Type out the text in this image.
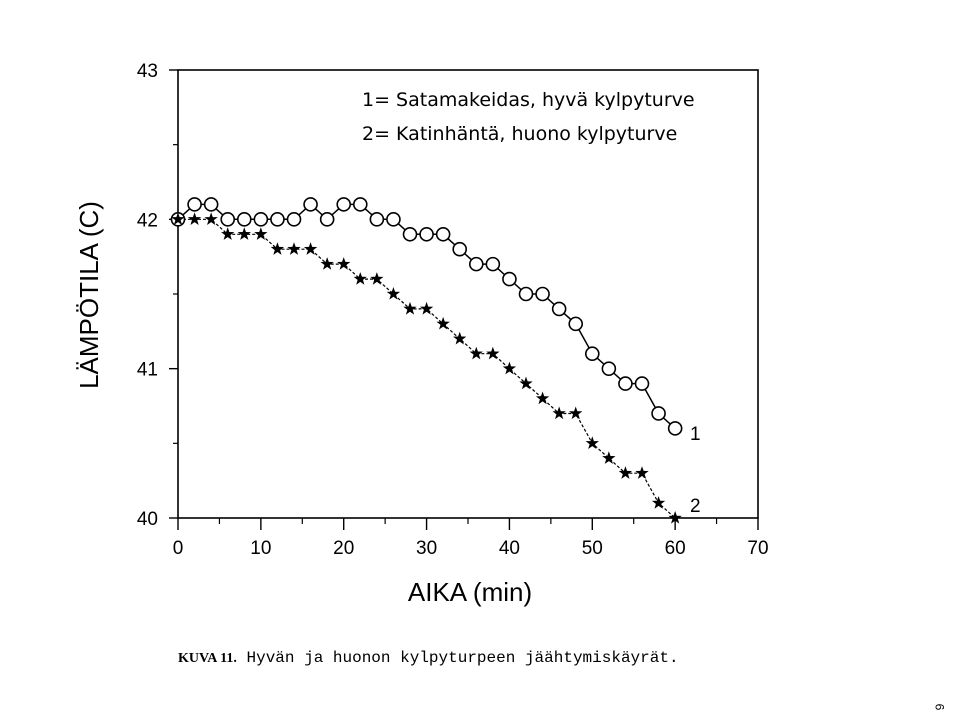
0	10	20	30	40	50	60	70
40
41
42
43
1= Satamakeidas, hyvä kylpyturve
2= Katinhäntä, huono kylpyturve
1
2
AIKA (min)
LÄMPÖTILA (C)
KUVA 11. Hyvän ja huonon kylpyturpeen jäähtymiskäyrät.
6
